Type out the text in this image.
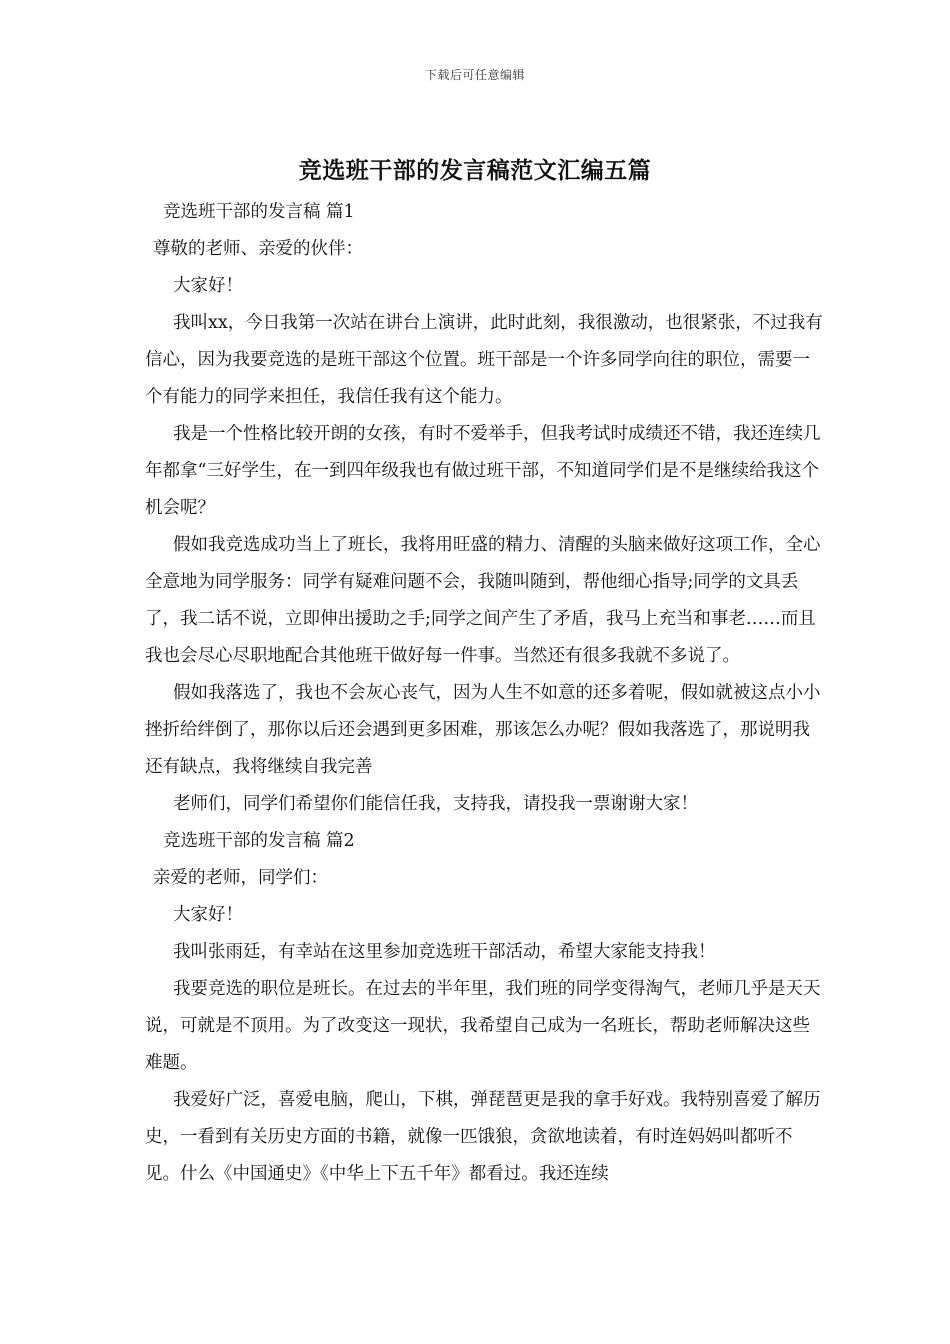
下载后可任意编辑
竞选班干部的发言稿范文汇编五篇

竞选班干部的发言稿 篇1

尊敬的老师、亲爱的伙伴：

大家好！

我叫xx，今日我第一次站在讲台上演讲，此时此刻，我很激动，也很紧张，不过我有信心，因为我要竞选的是班干部这个位置。班干部是一个许多同学向往的职位，需要一个有能力的同学来担任，我信任我有这个能力。

我是一个性格比较开朗的女孩，有时不爱举手，但我考试时成绩还不错，我还连续几年都拿“三好学生，在一到四年级我也有做过班干部，不知道同学们是不是继续给我这个机会呢？

假如我竞选成功当上了班长，我将用旺盛的精力、清醒的头脑来做好这项工作，全心全意地为同学服务：同学有疑难问题不会，我随叫随到，帮他细心指导;同学的文具丢了，我二话不说，立即伸出援助之手;同学之间产生了矛盾，我马上充当和事老……而且我也会尽心尽职地配合其他班干做好每一件事。当然还有很多我就不多说了。

假如我落选了，我也不会灰心丧气，因为人生不如意的还多着呢，假如就被这点小小挫折给绊倒了，那你以后还会遇到更多困难，那该怎么办呢？假如我落选了，那说明我还有缺点，我将继续自我完善

老师们，同学们希望你们能信任我，支持我，请投我一票谢谢大家！

竞选班干部的发言稿 篇2

亲爱的老师，同学们：

大家好！

我叫张雨廷，有幸站在这里参加竞选班干部活动，希望大家能支持我！

我要竞选的职位是班长。在过去的半年里，我们班的同学变得淘气，老师几乎是天天说，可就是不顶用。为了改变这一现状，我希望自己成为一名班长，帮助老师解决这些难题。

我爱好广泛，喜爱电脑，爬山，下棋，弹琵琶更是我的拿手好戏。我特别喜爱了解历史，一看到有关历史方面的书籍，就像一匹饿狼，贪欲地读着，有时连妈妈叫都听不见。什么《中国通史》《中华上下五千年》都看过。我还连续
